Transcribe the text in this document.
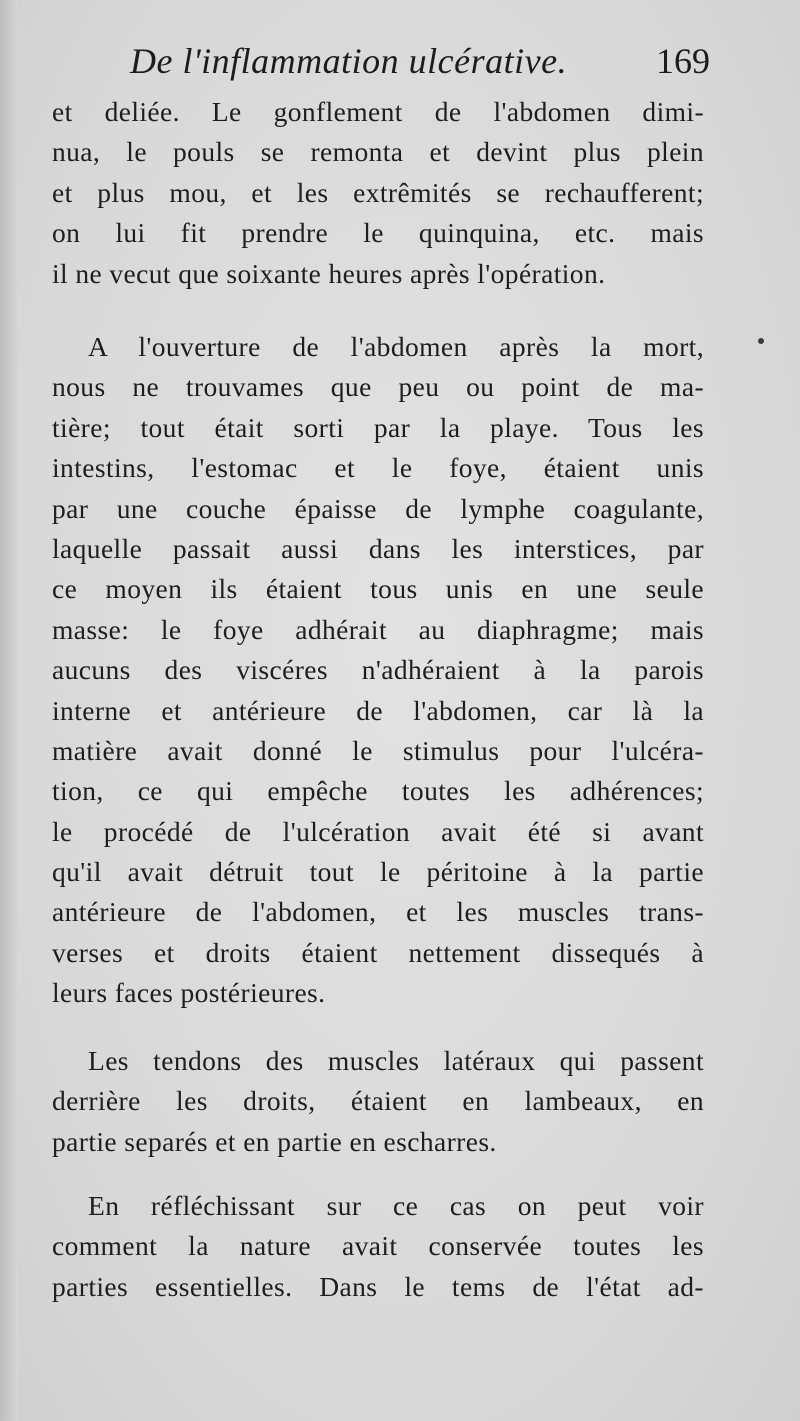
De l'inflammation ulcérative. 169
et deliée. Le gonflement de l'abdomen dimi-
nua, le pouls se remonta et devint plus plein
et plus mou, et les extrêmités se rechaufferent;
on lui fit prendre le quinquina, etc. mais
il ne vecut que soixante heures après l'opération.
A l'ouverture de l'abdomen après la mort,
nous ne trouvames que peu ou point de ma-
tière; tout était sorti par la playe. Tous les
intestins, l'estomac et le foye, étaient unis
par une couche épaisse de lymphe coagulante,
laquelle passait aussi dans les interstices, par
ce moyen ils étaient tous unis en une seule
masse: le foye adhérait au diaphragme; mais
aucuns des viscéres n'adhéraient à la parois
interne et antérieure de l'abdomen, car là la
matière avait donné le stimulus pour l'ulcéra-
tion, ce qui empêche toutes les adhérences;
le procédé de l'ulcération avait été si avant
qu'il avait détruit tout le péritoine à la partie
antérieure de l'abdomen, et les muscles trans-
verses et droits étaient nettement dissequés à
leurs faces postérieures.
Les tendons des muscles latéraux qui passent
derrière les droits, étaient en lambeaux, en
partie separés et en partie en escharres.
En réfléchissant sur ce cas on peut voir
comment la nature avait conservée toutes les
parties essentielles. Dans le tems de l'état ad-
